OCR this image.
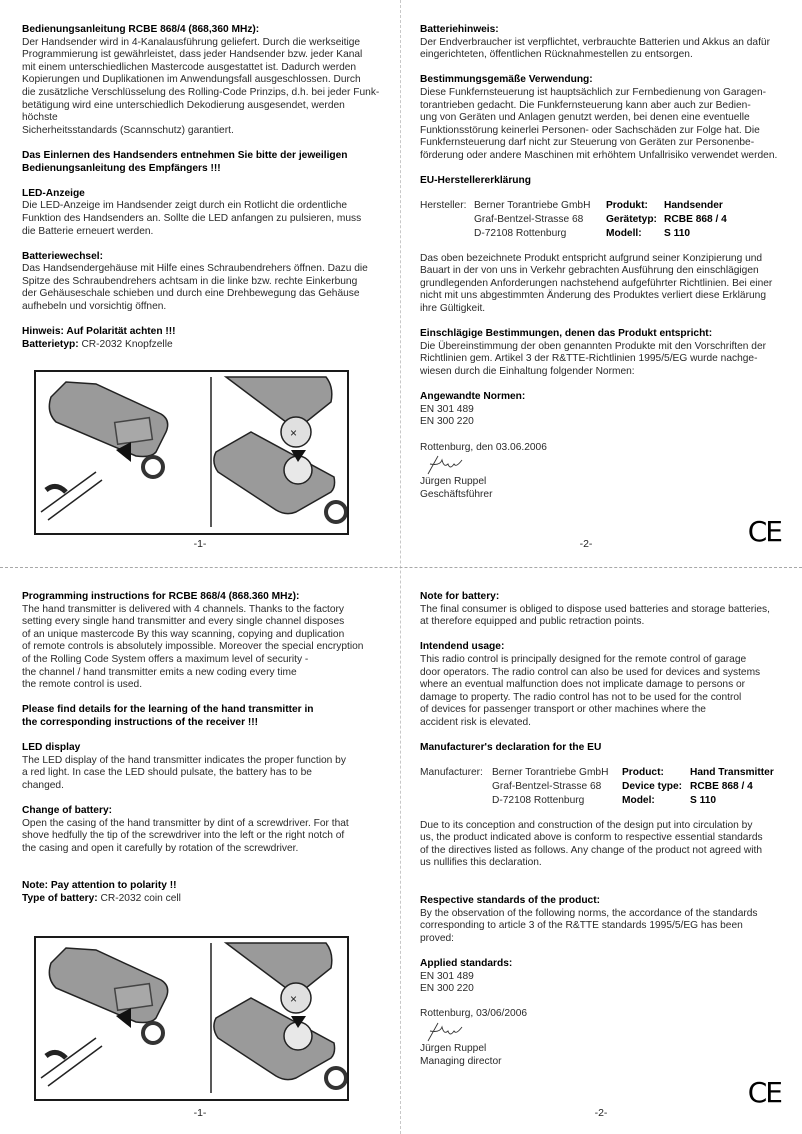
Bedienungsanleitung RCBE 868/4 (868,360 MHz):
Der Handsender wird in 4-Kanalausführung geliefert. Durch die werkseitige
Programmierung ist gewährleistet, dass jeder Handsender bzw. jeder Kanal
mit einem unterschiedlichen Mastercode ausgestattet ist. Dadurch werden
Kopierungen und Duplikationen im Anwendungsfall ausgeschlossen. Durch
die zusätzliche Verschlüsselung des Rolling-Code Prinzips, d.h. bei jeder Funk-
betätigung wird eine unterschiedlich Dekodierung ausgesendet, werden höchste
Sicherheitsstandards (Scannschutz) garantiert.
Das Einlernen des Handsenders entnehmen Sie bitte der jeweiligen
Bedienungsanleitung des Empfängers !!!
LED-Anzeige
Die LED-Anzeige im Handsender zeigt durch ein Rotlicht die ordentliche
Funktion des Handsenders an. Sollte die LED anfangen zu pulsieren, muss
die Batterie erneuert werden.
Batteriewechsel:
Das Handsendergehäuse mit Hilfe eines Schraubendrehers öffnen. Dazu die
Spitze des Schraubendrehers achtsam in die linke bzw. rechte Einkerbung
der Gehäuseschale schieben und durch eine Drehbewegung das Gehäuse
aufhebeln und vorsichtig öffnen.
Hinweis: Auf Polarität achten !!!
Batterietyp: CR-2032 Knopfzelle
×
-1-
Batteriehinweis:
Der Endverbraucher ist verpflichtet, verbrauchte Batterien und Akkus an dafür
eingerichteten, öffentlichen Rücknahmestellen zu entsorgen.
Bestimmungsgemäße Verwendung:
Diese Funkfernsteuerung ist hauptsächlich zur Fernbedienung von Garagen-
torantrieben gedacht. Die Funkfernsteuerung kann aber auch zur Bedien-
ung von Geräten und Anlagen genutzt werden, bei denen eine eventuelle
Funktionsstörung keinerlei Personen- oder Sachschäden zur Folge hat. Die
Funkfernsteuerung darf nicht zur Steuerung von Geräten zur Personenbe-
förderung oder andere Maschinen mit erhöhtem Unfallrisiko verwendet werden.
EU-Herstellererklärung
Hersteller: Berner Torantriebe GmbH	Produkt:	Handsender
Graf-Bentzel-Strasse 68	Gerätetyp: RCBE 868 / 4
D-72108 Rottenburg	Modell:	S 110
Das oben bezeichnete Produkt entspricht aufgrund seiner Konzipierung und
Bauart in der von uns in Verkehr gebrachten Ausführung den einschlägigen
grundlegenden Anforderungen nachstehend aufgeführter Richtlinien. Bei einer
nicht mit uns abgestimmten Änderung des Produktes verliert diese Erklärung
ihre Gültigkeit.
Einschlägige Bestimmungen, denen das Produkt entspricht:
Die Übereinstimmung der oben genannten Produkte mit den Vorschriften der
Richtlinien gem. Artikel 3 der R&TTE-Richtlinien 1995/5/EG wurde nachge-
wiesen durch die Einhaltung folgender Normen:
Angewandte Normen:
EN 301 489
EN 300 220
Rottenburg, den 03.06.2006
Jürgen Ruppel
Geschäftsführer
CE
-2-
Programming instructions for RCBE 868/4 (868.360 MHz):
The hand transmitter is delivered with 4 channels. Thanks to the factory
setting every single hand transmitter and every single channel disposes
of an unique mastercode By this way scanning, copying and duplication
of remote controls is absolutely impossible. Moreover the special encryption
of the Rolling Code System offers a maximum level of security -
the channel / hand transmitter emits a new coding every time
the remote control is used.
Please find details for the learning of the hand transmitter in
the corresponding instructions of the receiver !!!
LED display
The LED display of the hand transmitter indicates the proper function by
a red light. In case the LED should pulsate, the battery has to be
changed.
Change of battery:
Open the casing of the hand transmitter by dint of a screwdriver. For that
shove hedfully the tip of the screwdriver into the left or the right notch of
the casing and open it carefully by rotation of the screwdriver.
Note: Pay attention to polarity !!
Type of battery: CR-2032 coin cell
×
-1-
Note for battery:
The final consumer is obliged to dispose used batteries and storage batteries,
at therefore equipped and public retraction points.
Intendend usage:
This radio control is principally designed for the remote control of garage
door operators. The radio control can also be used for devices and systems
where an eventual malfunction does not implicate damage to persons or
damage to property. The radio control has not to be used for the control
of devices for passenger transport or other machines where the
accident risk is elevated.
Manufacturer's declaration for the EU
Manufacturer: Berner Torantriebe GmbH	Product:	Hand Transmitter
Graf-Bentzel-Strasse 68	Device type: RCBE 868 / 4
D-72108 Rottenburg	Model:	S 110
Due to its conception and construction of the design put into circulation by
us, the product indicated above is conform to respective essential standards
of the directives listed as follows. Any change of the product not agreed with
us nullifies this declaration.
Respective standards of the product:
By the observation of the following norms, the accordance of the standards
corresponding to article 3 of the R&TTE standards 1995/5/EG has been
proved:
Applied standards:
EN 301 489
EN 300 220
Rottenburg, 03/06/2006
Jürgen Ruppel
Managing director
CE
-2-
